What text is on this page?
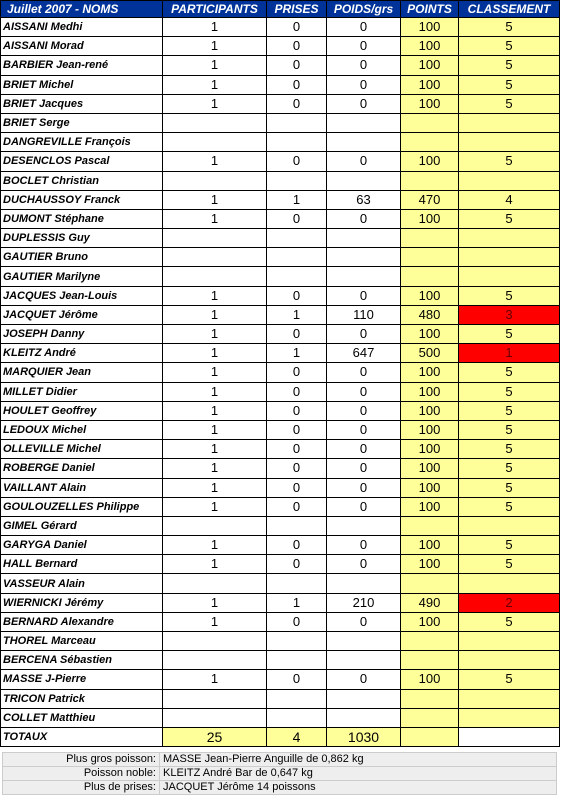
Juillet 2007 - NOMS	PARTICIPANTS	PRISES	POIDS/grs	POINTS	CLASSEMENT
AISSANI Medhi	1	0	0	100	5
AISSANI Morad	1	0	0	100	5
BARBIER Jean-rené	1	0	0	100	5
BRIET Michel	1	0	0	100	5
BRIET Jacques	1	0	0	100	5
BRIET Serge					
DANGREVILLE François					
DESENCLOS Pascal	1	0	0	100	5
BOCLET Christian					
DUCHAUSSOY Franck	1	1	63	470	4
DUMONT Stéphane	1	0	0	100	5
DUPLESSIS Guy					
GAUTIER Bruno					
GAUTIER Marilyne					
JACQUES Jean-Louis	1	0	0	100	5
JACQUET Jérôme	1	1	110	480	3
JOSEPH Danny	1	0	0	100	5
KLEITZ André	1	1	647	500	1
MARQUIER Jean	1	0	0	100	5
MILLET Didier	1	0	0	100	5
HOULET Geoffrey	1	0	0	100	5
LEDOUX Michel	1	0	0	100	5
OLLEVILLE Michel	1	0	0	100	5
ROBERGE Daniel	1	0	0	100	5
VAILLANT Alain	1	0	0	100	5
GOULOUZELLES Philippe	1	0	0	100	5
GIMEL Gérard					
GARYGA Daniel	1	0	0	100	5
HALL Bernard	1	0	0	100	5
VASSEUR Alain					
WIERNICKI Jérémy	1	1	210	490	2
BERNARD Alexandre	1	0	0	100	5
THOREL Marceau					
BERCENA Sébastien					
MASSE J-Pierre	1	0	0	100	5
TRICON Patrick					
COLLET Matthieu					
TOTAUX	25	4	1030		
Plus gros poisson:	MASSE Jean-Pierre Anguille de 0,862 kg
Poisson noble:	KLEITZ André Bar de 0,647 kg
Plus de prises:	JACQUET Jérôme 14 poissons
